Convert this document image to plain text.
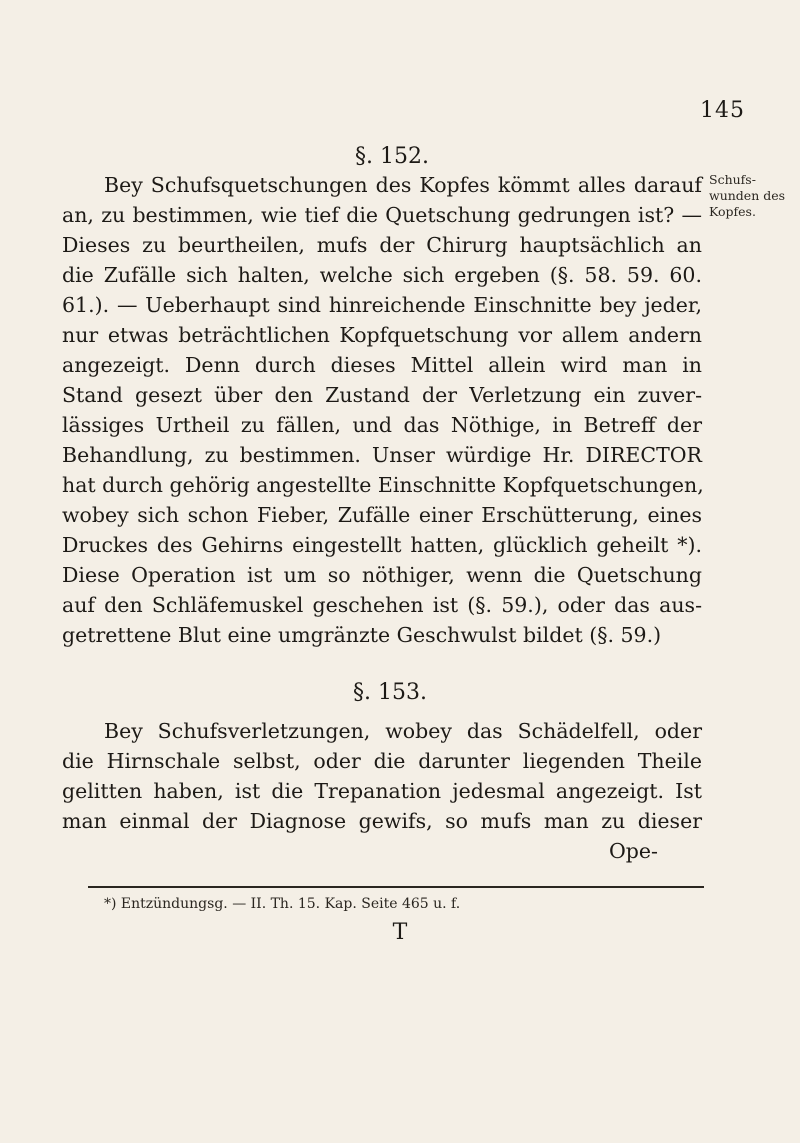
145
Schufs-
wunden des
Kopfes.
§. 152.
Bey Schufsquetschungen des Kopfes kömmt alles darauf
an, zu bestimmen, wie tief die Quetschung gedrungen ist? —
Dieses zu beurtheilen, mufs der Chirurg hauptsächlich an
die Zufälle sich halten, welche sich ergeben (§. 58. 59. 60.
61.). — Ueberhaupt sind hinreichende Einschnitte bey jeder,
nur etwas beträchtlichen Kopfquetschung vor allem andern
angezeigt. Denn durch dieses Mittel allein wird man in
Stand gesezt über den Zustand der Verletzung ein zuver-
lässiges Urtheil zu fällen, und das Nöthige, in Betreff der
Behandlung, zu bestimmen. Unser würdige Hr. DIRECTOR
hat durch gehörig angestellte Einschnitte Kopfquetschungen,
wobey sich schon Fieber, Zufälle einer Erschütterung, eines
Druckes des Gehirns eingestellt hatten, glücklich geheilt *).
Diese Operation ist um so nöthiger, wenn die Quetschung
auf den Schläfemuskel geschehen ist (§. 59.), oder das aus-
getrettene Blut eine umgränzte Geschwulst bildet (§. 59.)
§. 153.
Bey Schufsverletzungen, wobey das Schädelfell, oder
die Hirnschale selbst, oder die darunter liegenden Theile
gelitten haben, ist die Trepanation jedesmal angezeigt. Ist
man einmal der Diagnose gewifs, so mufs man zu dieser
Ope-
*) Entzündungsg. — II. Th. 15. Kap. Seite 465 u. f.
T
